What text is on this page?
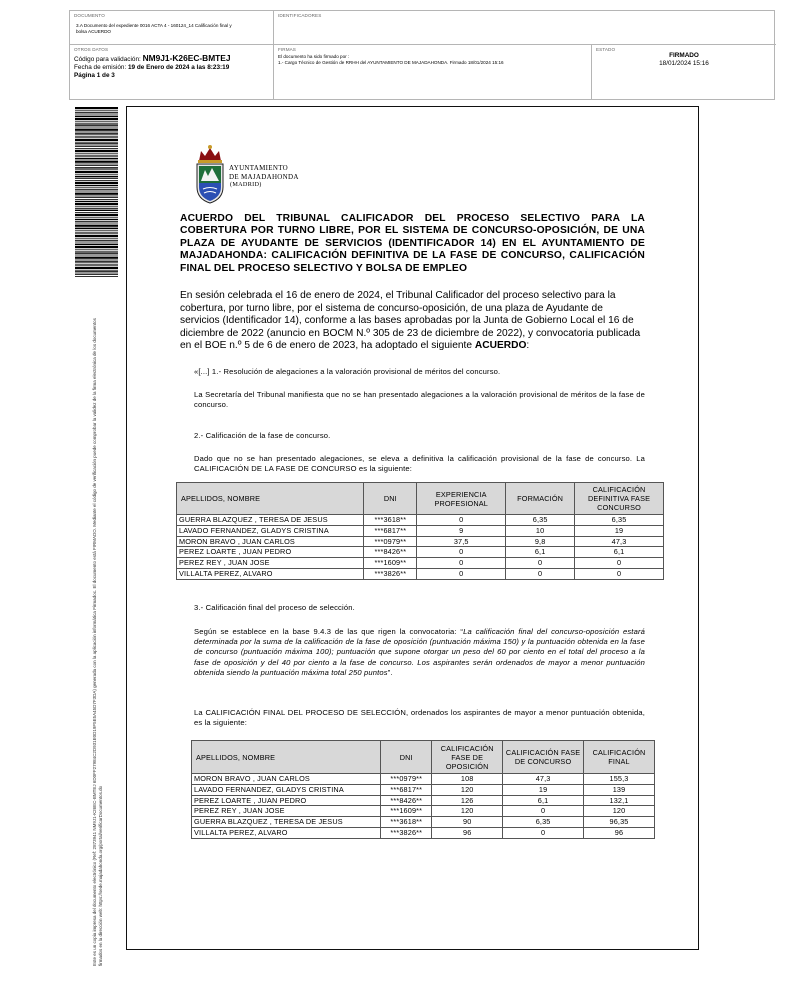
DOCUMENTO
3.A Documento del expediente 0016 ACTA 4 - 160124_14 Calificación final y bolsa ACUERDO
IDENTIFICADORES
OTROS DATOS
Código para validación: NM9J1-K26EC-BMTEJ
Fecha de emisión: 19 de Enero de 2024 a las 8:23:19
Página 1 de 3
FIRMAS
El documento ha sido firmado por :
1.- Cargo Técnico de Gestión de RRHH del AYUNTAMIENTO DE MAJADAHONDA. Firmado 18/01/2024 15:16
ESTADO
FIRMADO
18/01/2024 15:16
Este es un copia impresa del documento electrónico (Ref: 2873941 NM9J1-K26EC-BMTEJ 6D0FF27984C2D931E0D19F5E5A45D7F3DA) generada con la aplicación informática Firmadoc. El documento está FIRMADO. Mediante el código de verificación puede comprobar la validez de la firma electrónica de los documentos firmados en la dirección web: https://sede.majadahonda.org/portal/verificarDocumentos.do
AYUNTAMIENTO
DE MAJADAHONDA
(MADRID)
ACUERDO DEL TRIBUNAL CALIFICADOR DEL PROCESO SELECTIVO PARA LA COBERTURA POR TURNO LIBRE, POR EL SISTEMA DE CONCURSO-OPOSICIÓN, DE UNA PLAZA DE AYUDANTE DE SERVICIOS (IDENTIFICADOR 14) EN EL AYUNTAMIENTO DE MAJADAHONDA: CALIFICACIÓN DEFINITIVA DE LA FASE DE CONCURSO, CALIFICACIÓN FINAL DEL PROCESO SELECTIVO Y BOLSA DE EMPLEO
En sesión celebrada el 16 de enero de 2024, el Tribunal Calificador del proceso selectivo para la cobertura, por turno libre, por el sistema de concurso-oposición, de una plaza de Ayudante de servicios (Identificador 14), conforme a las bases aprobadas por la Junta de Gobierno Local el 16 de diciembre de 2022 (anuncio en BOCM N.º 305 de 23 de diciembre de 2022), y convocatoria publicada en el BOE n.º 5 de 6 de enero de 2023, ha adoptado el siguiente ACUERDO:
«[...] 1.- Resolución de alegaciones a la valoración provisional de méritos del concurso.
La Secretaría del Tribunal manifiesta que no se han presentado alegaciones a la valoración provisional de méritos de la fase de concurso.
2.- Calificación de la fase de concurso.
Dado que no se han presentado alegaciones, se eleva a definitiva la calificación provisional de la fase de concurso. La CALIFICACIÓN DE LA FASE DE CONCURSO es la siguiente:
APELLIDOS, NOMBRE	DNI	EXPERIENCIA PROFESIONAL	FORMACIÓN	CALIFICACIÓN DEFINITIVA FASE CONCURSO
GUERRA BLAZQUEZ , TERESA DE JESUS	***3618**	0	6,35	6,35
LAVADO FERNANDEZ, GLADYS CRISTINA	***6817**	9	10	19
MORON BRAVO , JUAN CARLOS	***0979**	37,5	9,8	47,3
PEREZ LOARTE , JUAN PEDRO	***8426**	0	6,1	6,1
PEREZ REY , JUAN JOSE	***1609**	0	0	0
VILLALTA PEREZ, ALVARO	***3826**	0	0	0
3.- Calificación final del proceso de selección.
Según se establece en la base 9.4.3 de las que rigen la convocatoria: “La calificación final del concurso-oposición estará determinada por la suma de la calificación de la fase de oposición (puntuación máxima 150) y la puntuación obtenida en la fase de concurso (puntuación máxima 100); puntuación que supone otorgar un peso del 60 por ciento en el total del proceso a la fase de oposición y del 40 por ciento a la fase de concurso. Los aspirantes serán ordenados de mayor a menor puntuación obtenida siendo la puntuación máxima total 250 puntos”.
La CALIFICACIÓN FINAL DEL PROCESO DE SELECCIÓN, ordenados los aspirantes de mayor a menor puntuación obtenida, es la siguiente:
APELLIDOS, NOMBRE	DNI	CALIFICACIÓN FASE DE OPOSICIÓN	CALIFICACIÓN FASE DE CONCURSO	CALIFICACIÓN FINAL
MORON BRAVO , JUAN CARLOS	***0979**	108	47,3	155,3
LAVADO FERNANDEZ, GLADYS CRISTINA	***6817**	120	19	139
PEREZ LOARTE , JUAN PEDRO	***8426**	126	6,1	132,1
PEREZ REY , JUAN JOSE	***1609**	120	0	120
GUERRA BLAZQUEZ , TERESA DE JESUS	***3618**	90	6,35	96,35
VILLALTA PEREZ, ALVARO	***3826**	96	0	96
